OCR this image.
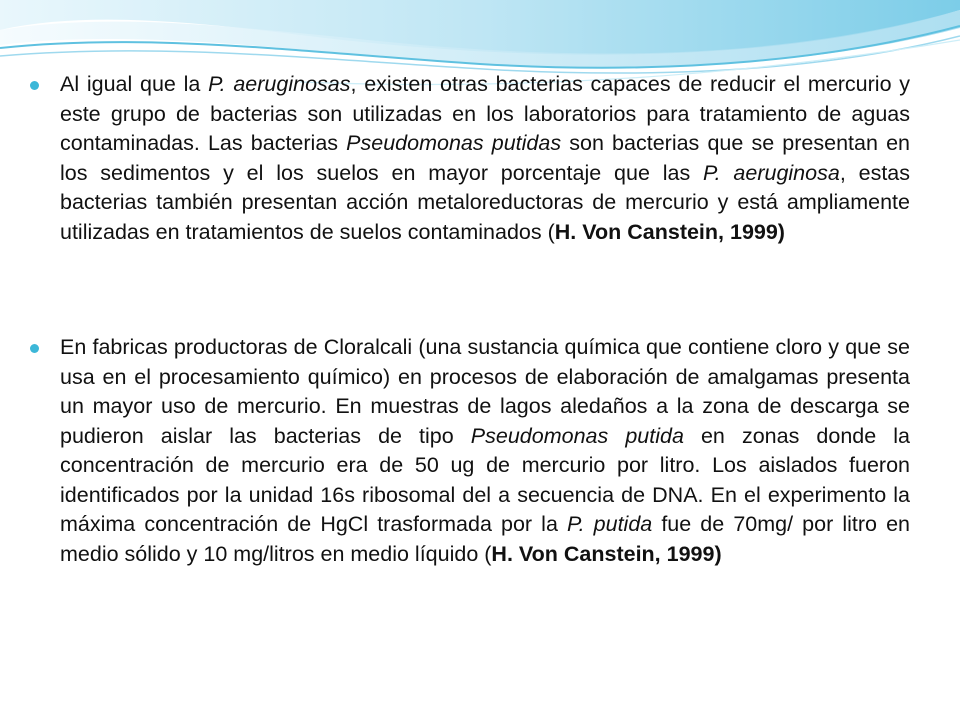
Al igual que la P. aeruginosas, existen otras bacterias capaces de reducir el mercurio y este grupo de bacterias son utilizadas en los laboratorios para tratamiento de aguas contaminadas. Las bacterias Pseudomonas putidas son bacterias que se presentan en los sedimentos y el los suelos en mayor porcentaje que las P. aeruginosa, estas bacterias también presentan acción metaloreductoras de mercurio y está ampliamente utilizadas en tratamientos de suelos contaminados (H. Von Canstein, 1999)
En fabricas productoras de Cloralcali (una sustancia química que contiene cloro y que se usa en el procesamiento químico) en procesos de elaboración de amalgamas presenta un mayor uso de mercurio. En muestras de lagos aledaños a la zona de descarga se pudieron aislar las bacterias de tipo Pseudomonas putida en zonas donde la concentración de mercurio era de 50 ug de mercurio por litro. Los aislados fueron identificados por la unidad 16s ribosomal del a secuencia de DNA. En el experimento la máxima concentración de HgCl trasformada por la P. putida fue de 70mg/ por litro en medio sólido y 10 mg/litros en medio líquido (H. Von Canstein, 1999)
